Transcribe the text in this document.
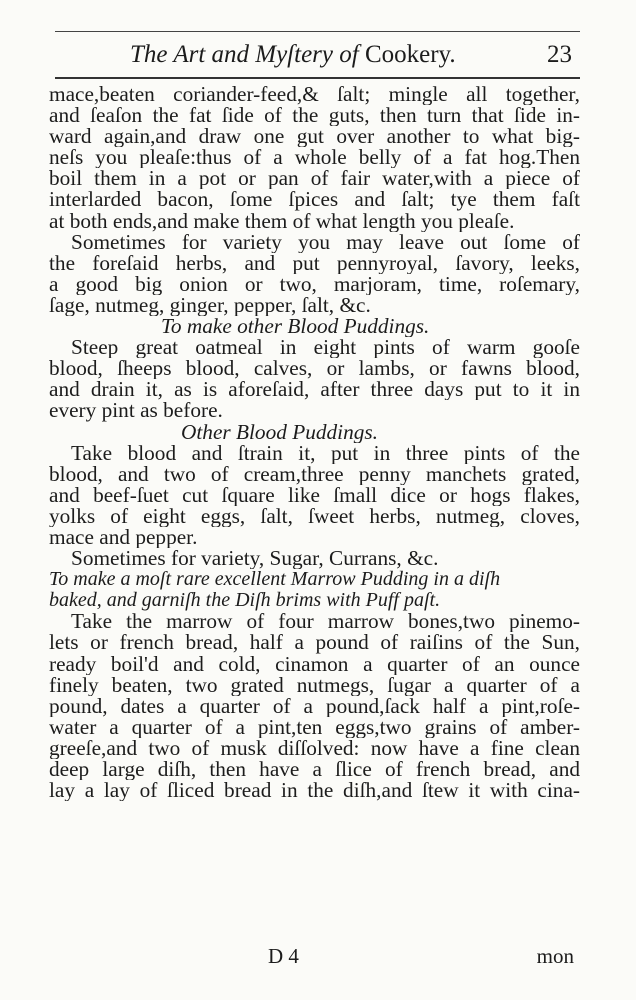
The Art and Myſtery of Cookery.	23
mace,beaten coriander-feed,& ſalt; mingle all together,
and ſeaſon the fat ſide of the guts, then turn that ſide in-
ward again,and draw one gut over another to what big-
neſs you pleaſe:thus of a whole belly of a fat hog.Then
boil them in a pot or pan of fair water,with a piece of
interlarded bacon, ſome ſpices and ſalt; tye them faſt
at both ends,and make them of what length you pleaſe.
Sometimes for variety you may leave out ſome of
the foreſaid herbs, and put pennyroyal, ſavory, leeks,
a good big onion or two, marjoram, time, roſemary,
ſage, nutmeg, ginger, pepper, ſalt, &c.
To make other Blood Puddings.
Steep great oatmeal in eight pints of warm gooſe
blood, ſheeps blood, calves, or lambs, or fawns blood,
and drain it, as is aforeſaid, after three days put to it in
every pint as before.
Other Blood Puddings.
Take blood and ſtrain it, put in three pints of the
blood, and two of cream,three penny manchets grated,
and beef-ſuet cut ſquare like ſmall dice or hogs flakes,
yolks of eight eggs, ſalt, ſweet herbs, nutmeg, cloves,
mace and pepper.
Sometimes for variety, Sugar, Currans, &c.
To make a moſt rare excellent Marrow Pudding in a diſh
baked, and garniſh the Diſh brims with Puff paſt.
Take the marrow of four marrow bones,two pinemo-
lets or french bread, half a pound of raiſins of the Sun,
ready boil'd and cold, cinamon a quarter of an ounce
finely beaten, two grated nutmegs, ſugar a quarter of a
pound, dates a quarter of a pound,ſack half a pint,roſe-
water a quarter of a pint,ten eggs,two grains of amber-
greeſe,and two of musk diſſolved: now have a fine clean
deep large diſh, then have a ſlice of french bread, and
lay a lay of ſliced bread in the diſh,and ſtew it with cina-
D 4	mon
